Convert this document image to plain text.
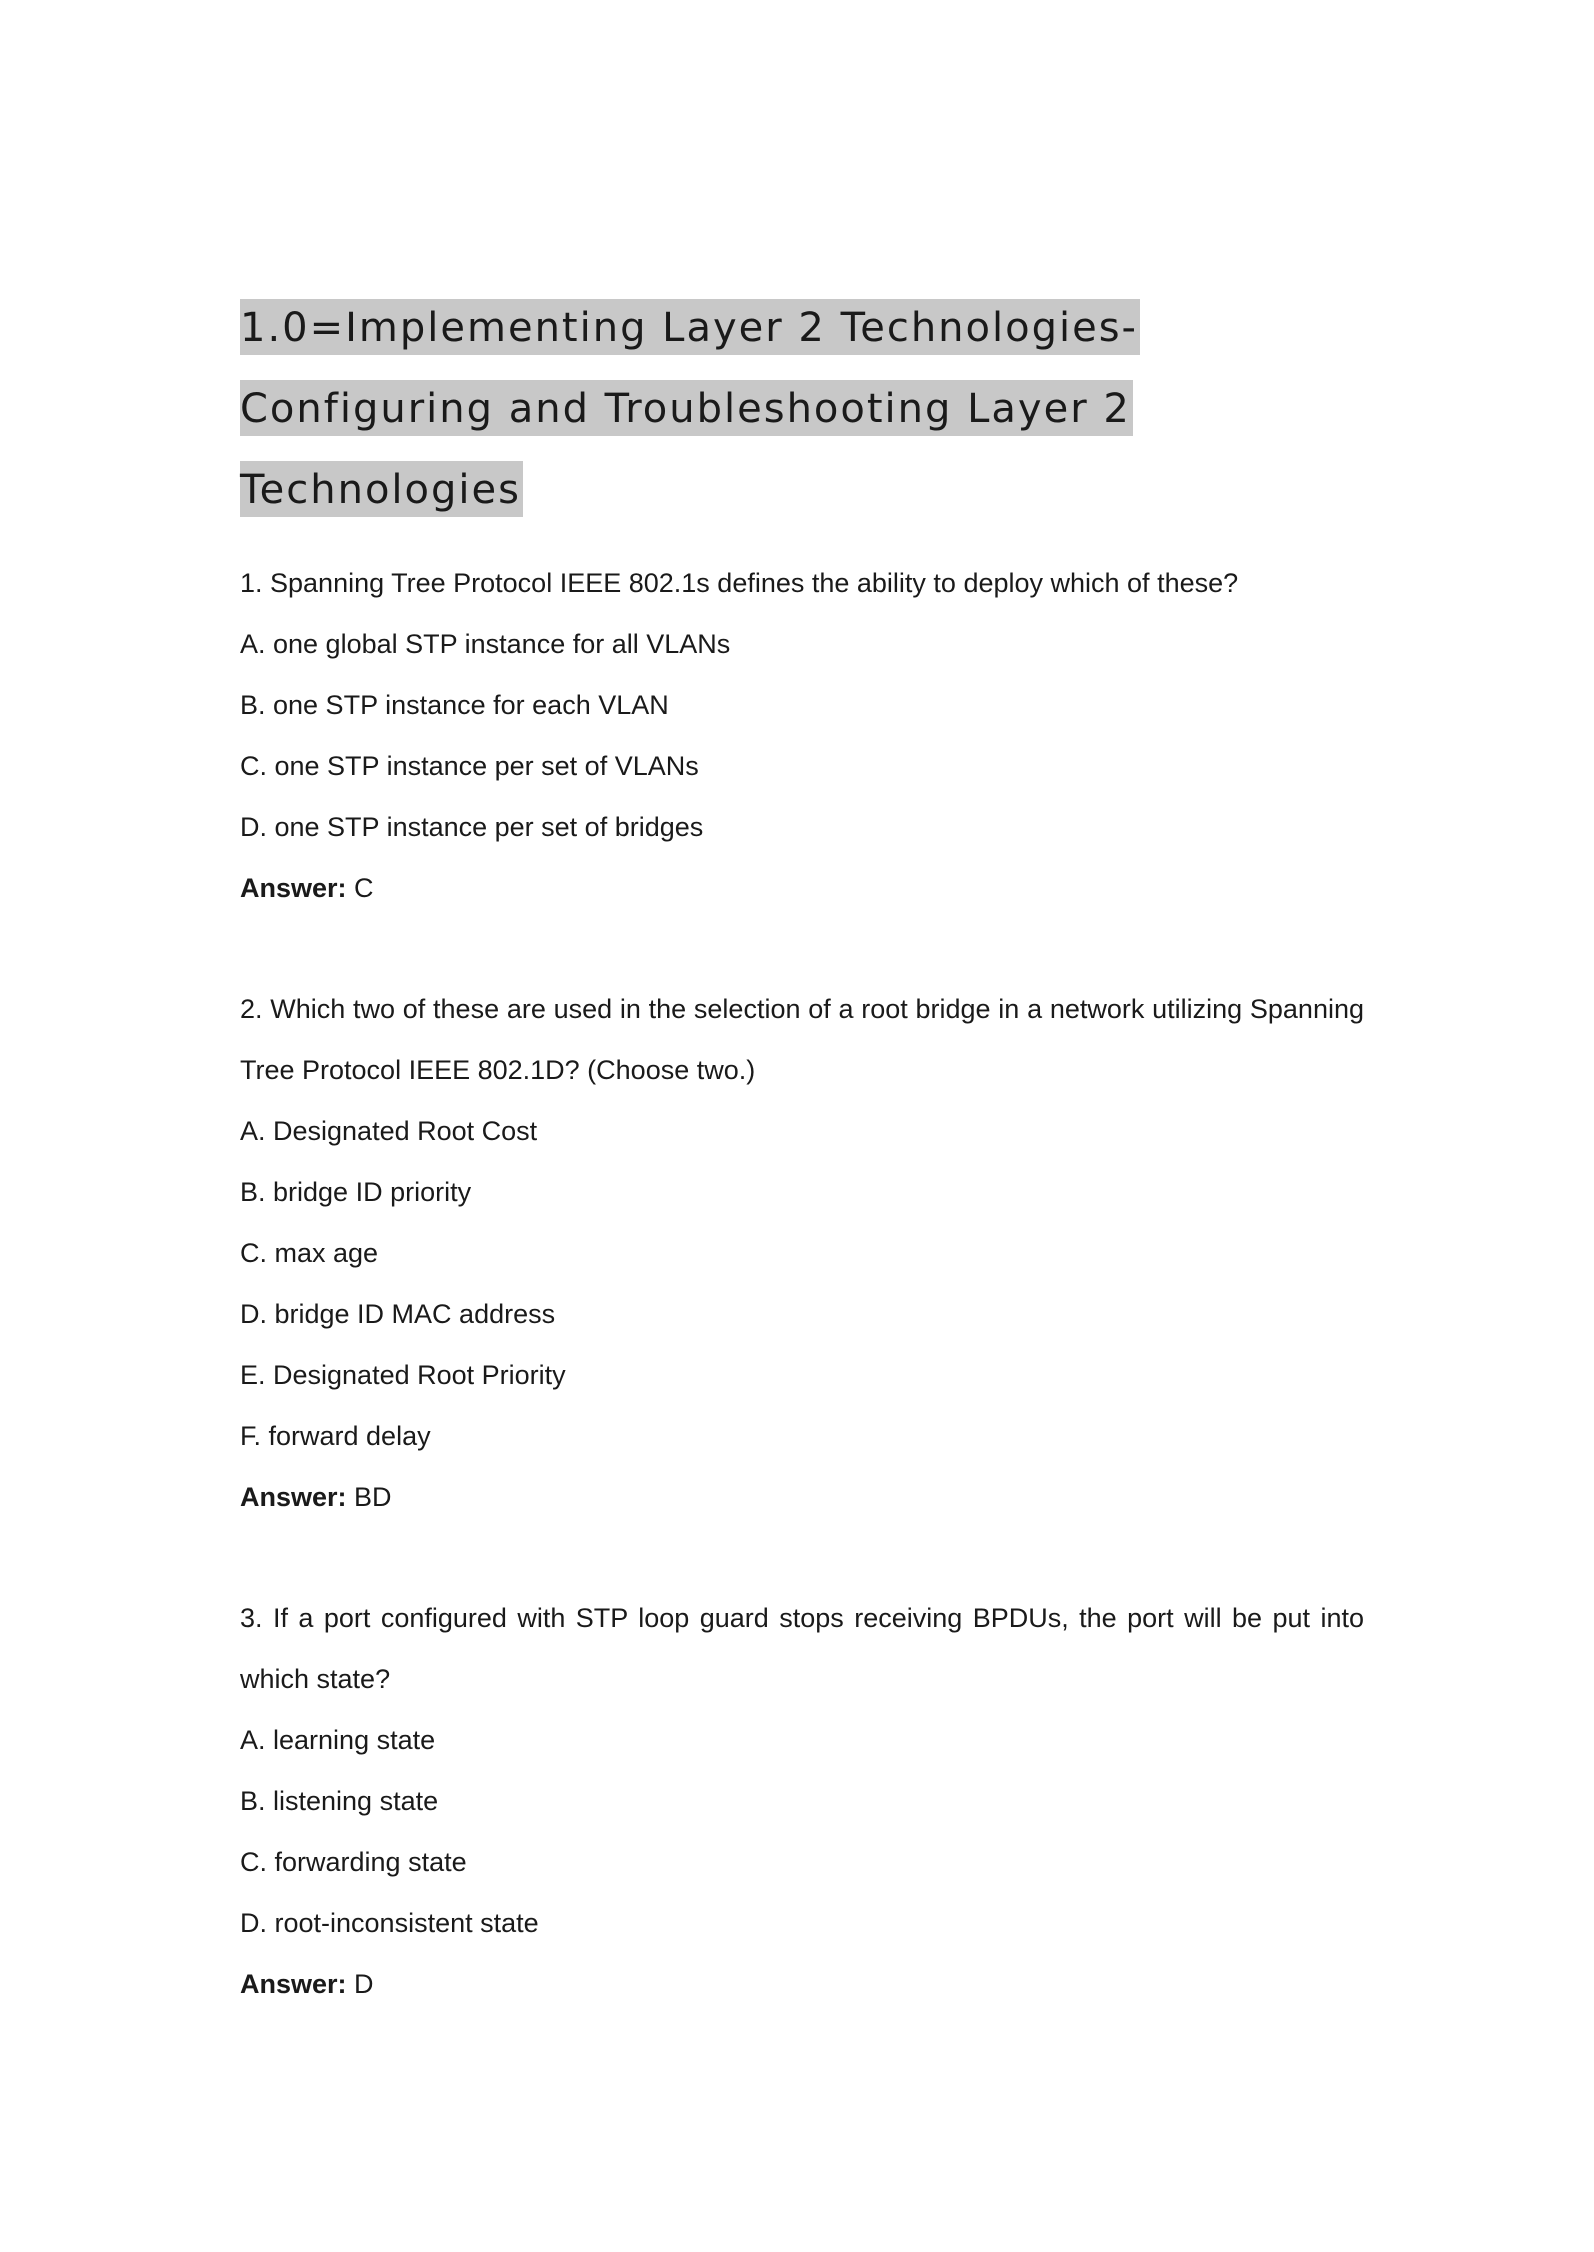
1.0=Implementing Layer 2 Technologies-Configuring and Troubleshooting Layer 2 Technologies

1. Spanning Tree Protocol IEEE 802.1s defines the ability to deploy which of these?

A. one global STP instance for all VLANs

B. one STP instance for each VLAN

C. one STP instance per set of VLANs

D. one STP instance per set of bridges

Answer: C

2. Which two of these are used in the selection of a root bridge in a network utilizing Spanning Tree Protocol IEEE 802.1D? (Choose two.)

A. Designated Root Cost

B. bridge ID priority

C. max age

D. bridge ID MAC address

E. Designated Root Priority

F. forward delay

Answer: BD

3. If a port configured with STP loop guard stops receiving BPDUs, the port will be put into which state?

A. learning state

B. listening state

C. forwarding state

D. root-inconsistent state

Answer: D
